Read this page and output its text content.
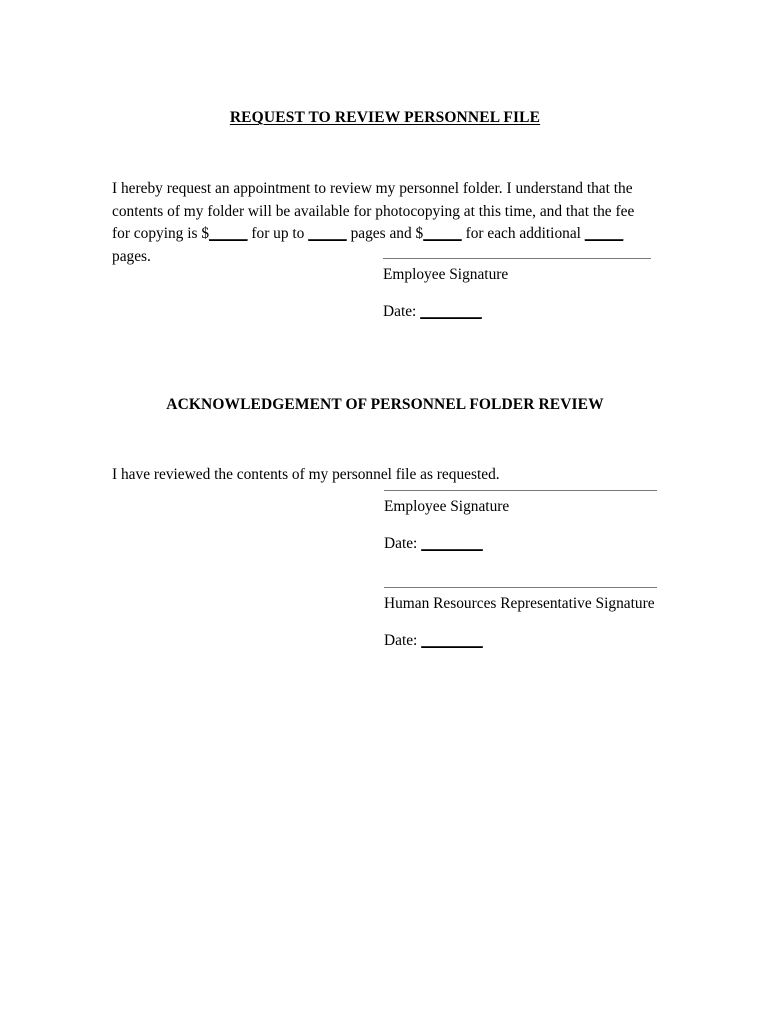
REQUEST TO REVIEW PERSONNEL FILE

I hereby request an appointment to review my personnel folder. I understand that the contents of my folder will be available for photocopying at this time, and that the fee for copying is $_____ for up to _____ pages and $_____ for each additional _____ pages.

Employee Signature
Date: ________
ACKNOWLEDGEMENT OF PERSONNEL FOLDER REVIEW

I have reviewed the contents of my personnel file as requested.

Employee Signature
Date: ________
Human Resources Representative Signature
Date: ________
